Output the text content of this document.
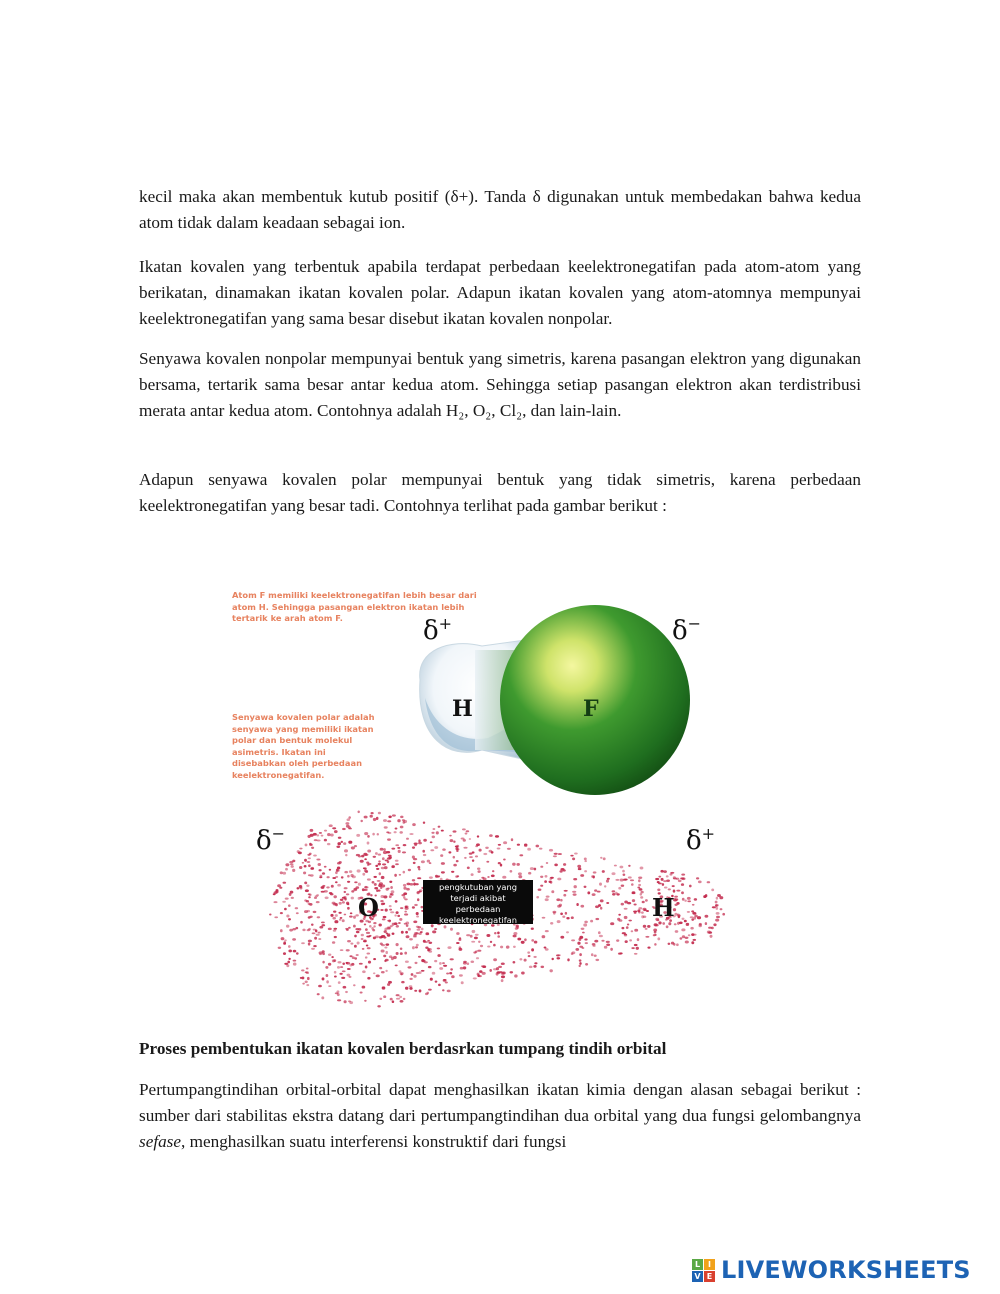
kecil maka akan membentuk kutub positif (δ+). Tanda δ digunakan untuk membedakan bahwa kedua atom tidak dalam keadaan sebagai ion.

Ikatan kovalen yang terbentuk apabila terdapat perbedaan keelektronegatifan pada atom-atom yang berikatan, dinamakan ikatan kovalen polar. Adapun ikatan kovalen yang atom-atomnya mempunyai keelektronegatifan yang sama besar disebut ikatan kovalen nonpolar.

Senyawa kovalen nonpolar mempunyai bentuk yang simetris, karena pasangan elektron yang digunakan bersama, tertarik sama besar antar kedua atom. Sehingga setiap pasangan elektron akan terdistribusi merata antar kedua atom. Contohnya adalah H₂, O₂, Cl₂, dan lain-lain.

Adapun senyawa kovalen polar mempunyai bentuk yang tidak simetris, karena perbedaan keelektronegatifan yang besar tadi. Contohnya terlihat pada gambar berikut :

Atom F memiliki keelektronegatifan lebih besar dari atom H. Sehingga pasangan elektron ikatan lebih tertarik ke arah atom F.
Senyawa kovalen polar adalah senyawa yang memiliki ikatan polar dan bentuk molekul asimetris. Ikatan ini disebabkan oleh perbedaan keelektronegatifan.
δ+	δ−
H	F
δ−	δ+
O	H
pengkutuban yang terjadi akibat perbedaan keelektronegatifan

Proses pembentukan ikatan kovalen berdasrkan tumpang tindih orbital

Pertumpangtindihan orbital-orbital dapat menghasilkan ikatan kimia dengan alasan sebagai berikut : sumber dari stabilitas ekstra datang dari pertumpangtindihan dua orbital yang dua fungsi gelombangnya sefase, menghasilkan suatu interferensi konstruktif dari fungsi

L I
V E LIVEWORKSHEETS
